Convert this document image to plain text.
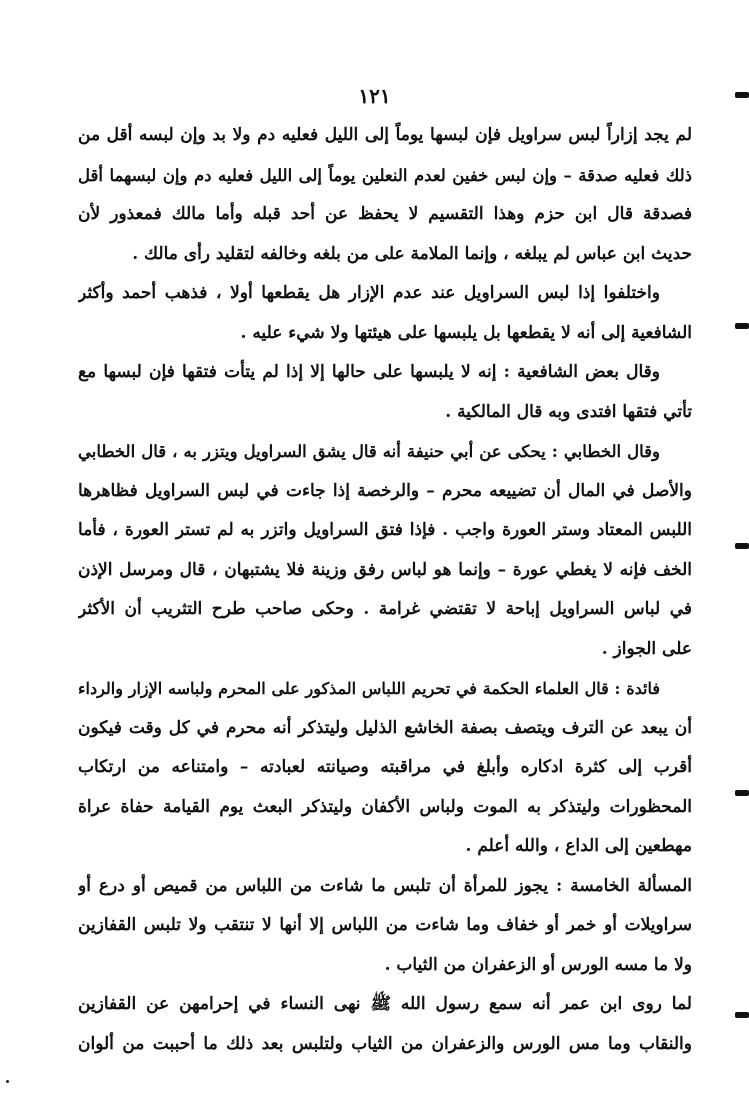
١٢١
لم يجد إزاراً لبس سراويل فإن لبسها يوماً إلى الليل فعليه دم ولا بد وإن لبسه أقل من
ذلك فعليه صدقة – وإن لبس خفين لعدم النعلين يوماً إلى الليل فعليه دم وإن لبسهما أقل
فصدقة قال ابن حزم وهذا التقسيم لا يحفظ عن أحد قبله وأما مالك فمعذور لأن
حديث ابن عباس لم يبلغه ، وإنما الملامة على من بلغه وخالفه لتقليد رأى مالك .
واختلفوا إذا لبس السراويل عند عدم الإزار هل يقطعها أولا ، فذهب أحمد وأكثر
الشافعية إلى أنه لا يقطعها بل يلبسها على هيئتها ولا شيء عليه .
وقال بعض الشافعية : إنه لا يلبسها على حالها إلا إذا لم يتأت فتقها فإن لبسها مع
تأتي فتقها افتدى وبه قال المالكية .
وقال الخطابي : يحكى عن أبي حنيفة أنه قال يشق السراويل ويتزر به ، قال الخطابي
والأصل في المال أن تضييعه محرم – والرخصة إذا جاءت في لبس السراويل فظاهرها
اللبس المعتاد وستر العورة واجب . فإذا فتق السراويل واتزر به لم تستر العورة ، فأما
الخف فإنه لا يغطي عورة – وإنما هو لباس رفق وزينة فلا يشتبهان ، قال ومرسل الإذن
في لباس السراويل إباحة لا تقتضي غرامة . وحكى صاحب طرح التثريب أن الأكثر
على الجواز .
فائدة : قال العلماء الحكمة في تحريم اللباس المذكور على المحرم ولباسه الإزار والرداء
أن يبعد عن الترف ويتصف بصفة الخاشع الذليل وليتذكر أنه محرم في كل وقت فيكون
أقرب إلى كثرة ادكاره وأبلغ في مراقبته وصيانته لعبادته – وامتناعه من ارتكاب
المحظورات وليتذكر به الموت ولباس الأكفان وليتذكر البعث يوم القيامة حفاة عراة
مهطعين إلى الداع ، والله أعلم .
المسألة الخامسة : يجوز للمرأة أن تلبس ما شاءت من اللباس من قميص أو درع أو
سراويلات أو خمر أو خفاف وما شاءت من اللباس إلا أنها لا تنتقب ولا تلبس القفازين
ولا ما مسه الورس أو الزعفران من الثياب .
لما روى ابن عمر أنه سمع رسول الله ﷺ نهى النساء في إحرامهن عن القفازين
والنقاب وما مس الورس والزعفران من الثياب ولتلبس بعد ذلك ما أحببت من ألوان
